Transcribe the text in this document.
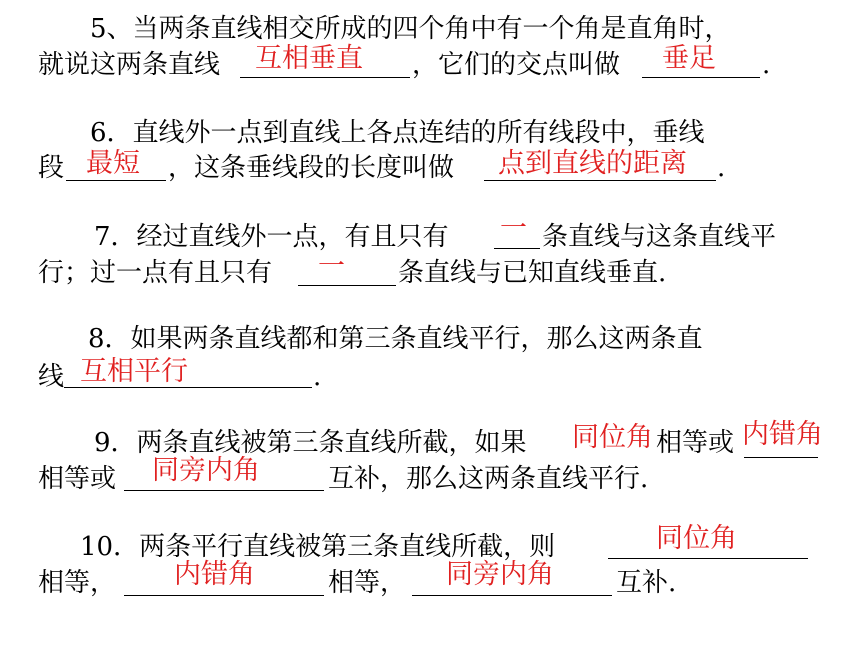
5、当两条直线相交所成的四个角中有一个角是直角时，
就说这两条直线 互相垂直 ，它们的交点叫做 垂足 .
6．直线外一点到直线上各点连结的所有线段中，垂线
段 最短 ，这条垂线段的长度叫做 点到直线的距离 .
7．经过直线外一点，有且只有 一 条直线与这条直线平
行；过一点有且只有 一 条直线与已知直线垂直.
8．如果两条直线都和第三条直线平行，那么这两条直
线 互相平行	.
9．两条直线被第三条直线所截，如果 同位角 相等或 内错角
相等或 同旁内角	互补，那么这两条直线平行.
10．两条平行直线被第三条直线所截，则	同位角
相等， 内错角	相等， 同旁内角 互补.
